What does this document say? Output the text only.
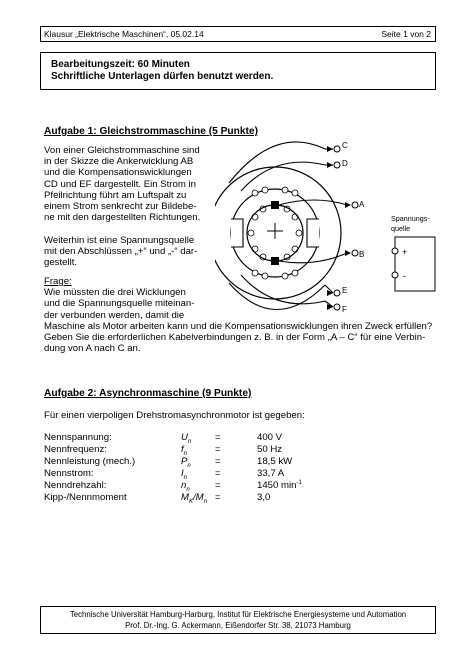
Klausur „Elektrische Maschinen“, 05.02.14	Seite 1 von 2
Bearbeitungszeit: 60 Minuten
Schriftliche Unterlagen dürfen benutzt werden.
Aufgabe 1: Gleichstrommaschine (5 Punkte)
Von einer Gleichstrommaschine sind
in der Skizze die Ankerwicklung AB
und die Kompensationswicklungen
CD und EF dargestellt. Ein Strom in
Pfeilrichtung führt am Luftspalt zu
einem Strom senkrecht zur Bildebe-
ne mit den dargestellten Richtungen.
Weiterhin ist eine Spannungsquelle
mit den Abschlüssen „+“ und „-“ dar-
gestellt.
Frage:
Wie müssten die drei Wicklungen
und die Spannungsquelle miteinan-
der verbunden werden, damit die
Maschine als Motor arbeiten kann und die Kompensationswicklungen ihren Zweck erfüllen?
Geben Sie die erforderlichen Kabelverbindungen z. B. in der Form „A – C“ für eine Verbin-
dung von A nach C an.
C
D
A
B
E
F
Spannungs-
quelle
+
-
Aufgabe 2: Asynchronmaschine (9 Punkte)
Für einen vierpoligen Drehstromasynchronmotor ist gegeben:
Nennspannung:	$U_n$ =	400 V
Nennfrequenz:	$f_n$	=	50 Hz
Nennleistung (mech.)	$P_n$	=	18,5 kW
Nennstrom:	$I_n$	=	33,7 A
Nenndrehzahl:	$n_n$	=	1450 $\min^{-1}$
Kipp-/Nennmoment	$M_K/M_n$ =	3,0
Technische Universität Hamburg-Harburg, Institut für Elektrische Energiesysteme und Automation
Prof. Dr.-Ing. G. Ackermann, Eißendorfer Str. 38, 21073 Hamburg
